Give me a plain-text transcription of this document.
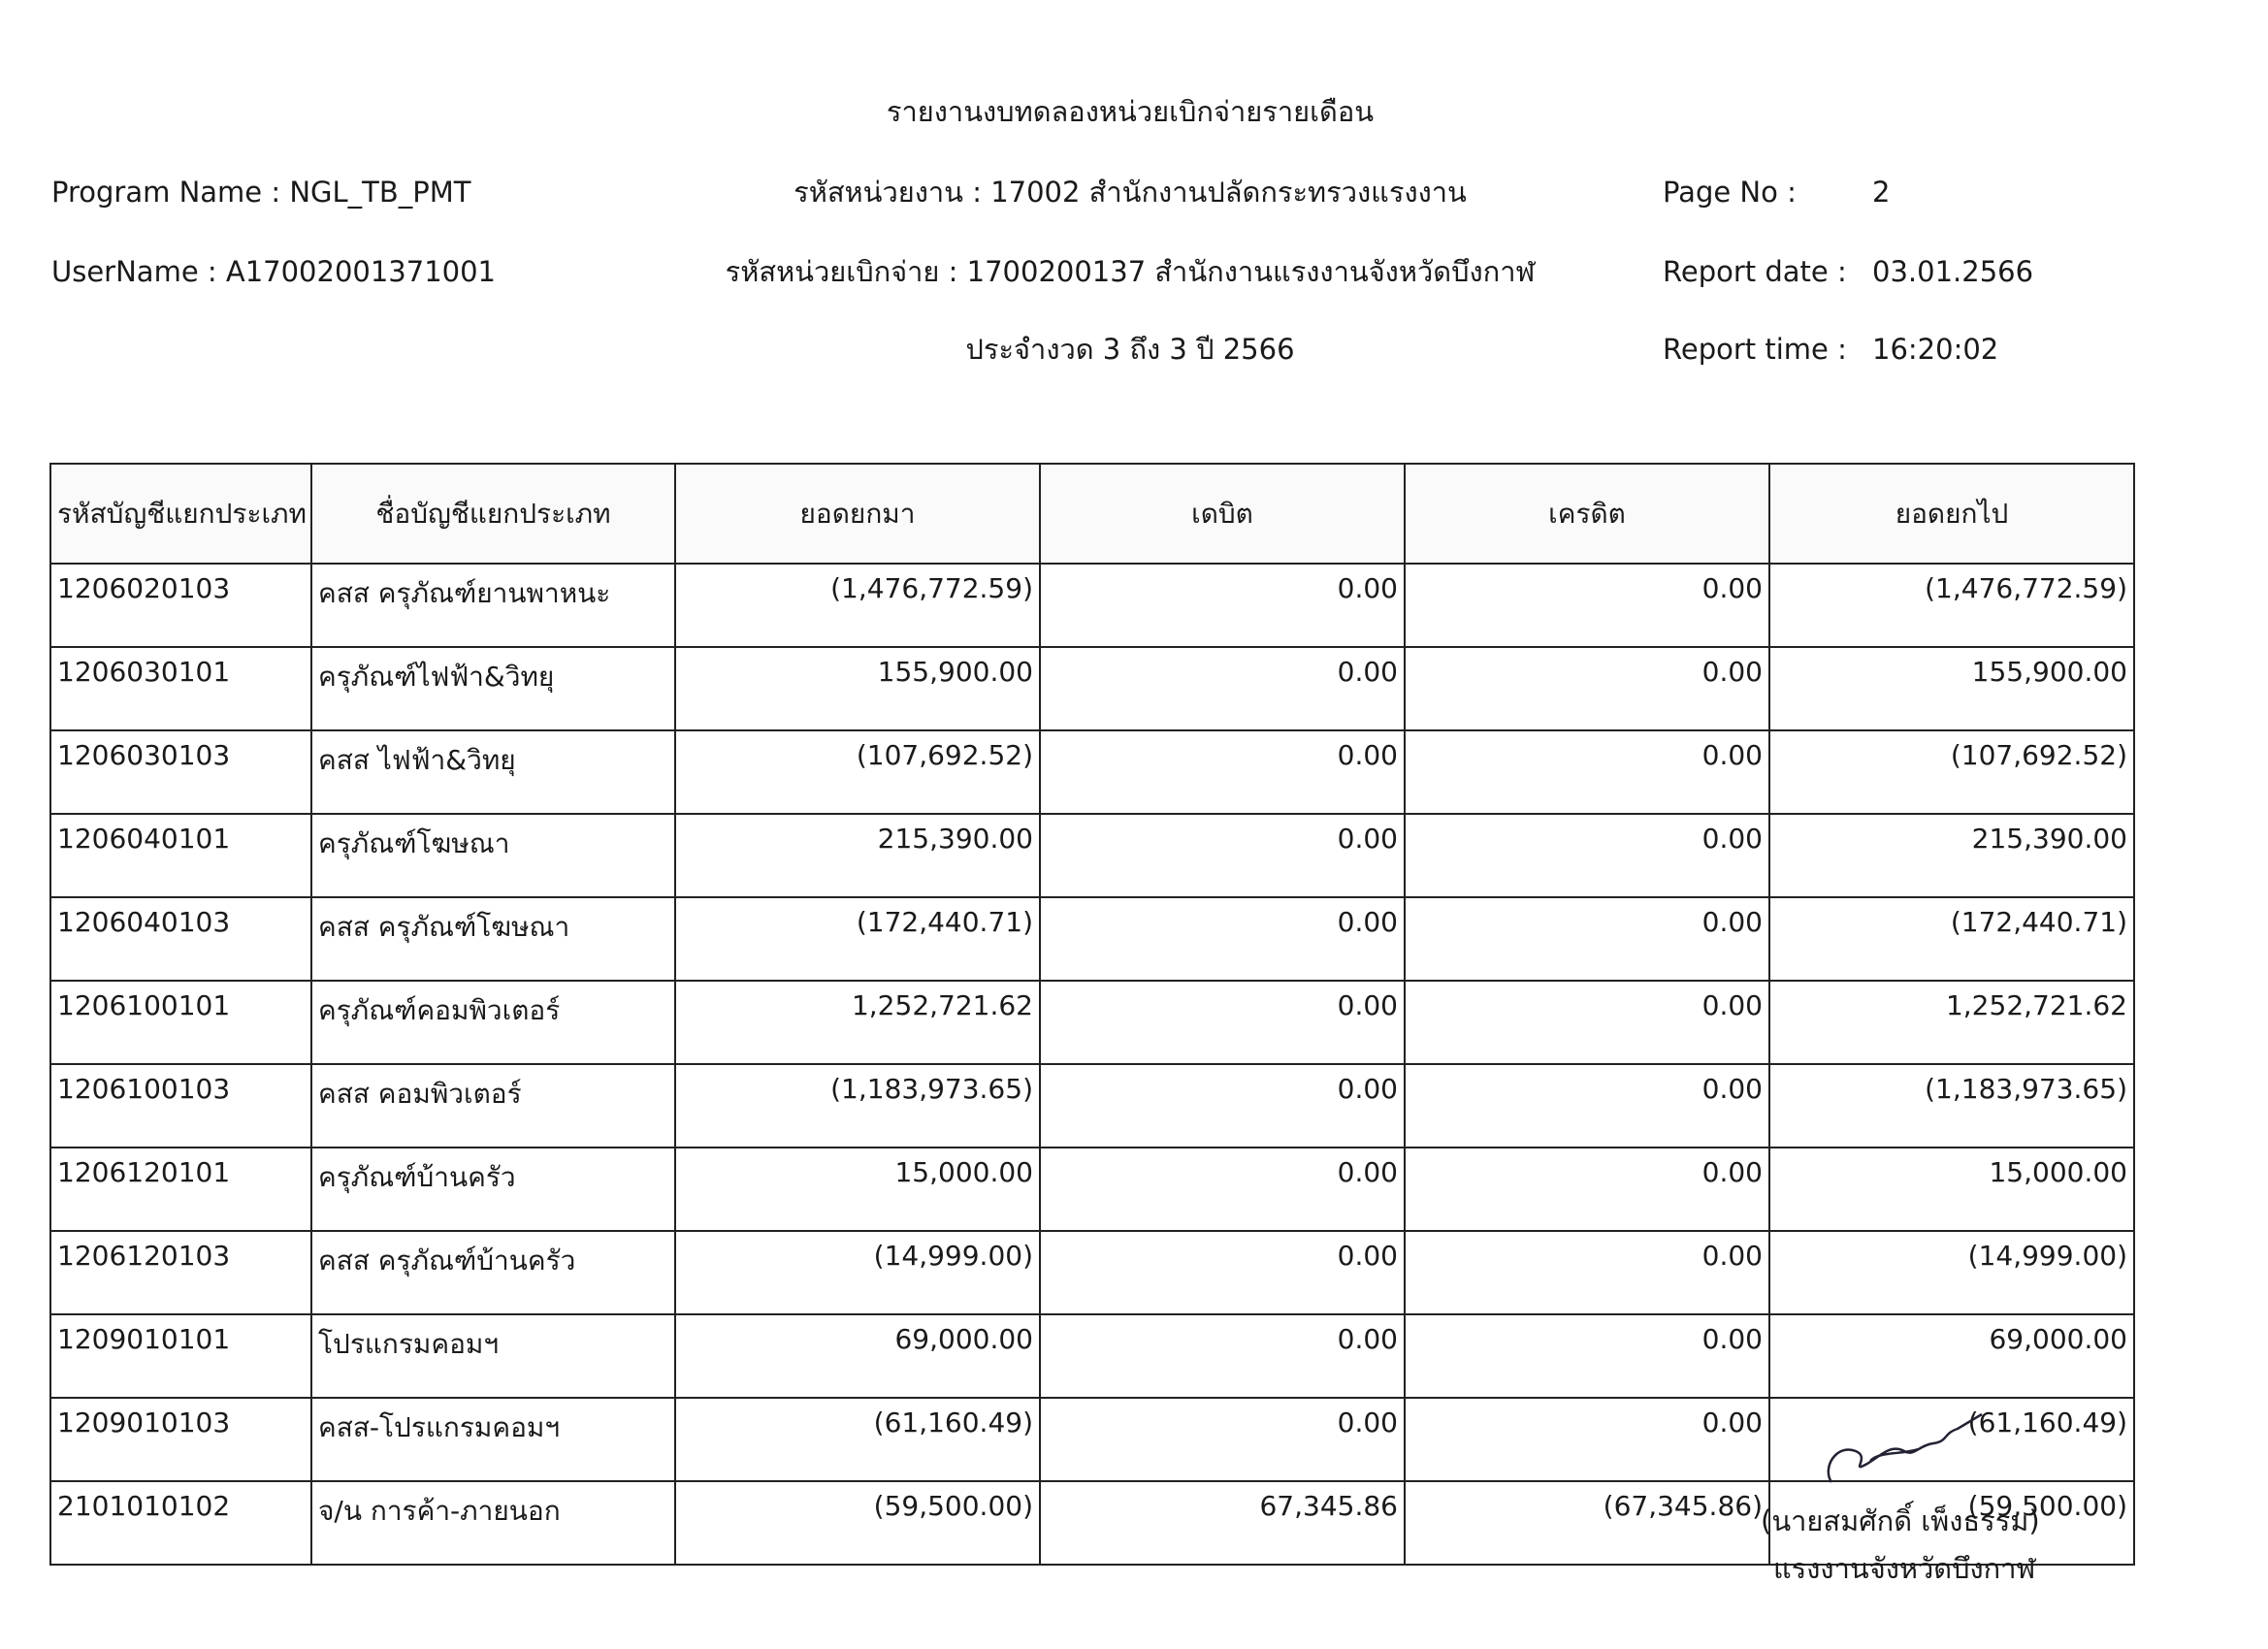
รายงานงบทดลองหน่วยเบิกจ่ายรายเดือน
Program Name : NGL_TB_PMT	รหัสหน่วยงาน : 17002 สำนักงานปลัดกระทรวงแรงงาน	Page No :	2
UserName : A17002001371001	รหัสหน่วยเบิกจ่าย : 1700200137 สำนักงานแรงงานจังหวัดบึงกาฬ	Report date : 03.01.2566
ประจำงวด 3 ถึง 3 ปี 2566	Report time : 16:20:02
รหัสบัญชีแยกประเภท	ชื่อบัญชีแยกประเภท	ยอดยกมา	เดบิต	เครดิต	ยอดยกไป
1206020103	คสส ครุภัณฑ์ยานพาหนะ	(1,476,772.59)	0.00	0.00	(1,476,772.59)
1206030101	ครุภัณฑ์ไฟฟ้า&วิทยุ	155,900.00	0.00	0.00	155,900.00
1206030103	คสส ไฟฟ้า&วิทยุ	(107,692.52)	0.00	0.00	(107,692.52)
1206040101	ครุภัณฑ์โฆษณา	215,390.00	0.00	0.00	215,390.00
1206040103	คสส ครุภัณฑ์โฆษณา	(172,440.71)	0.00	0.00	(172,440.71)
1206100101	ครุภัณฑ์คอมพิวเตอร์	1,252,721.62	0.00	0.00	1,252,721.62
1206100103	คสส คอมพิวเตอร์	(1,183,973.65)	0.00	0.00	(1,183,973.65)
1206120101	ครุภัณฑ์บ้านครัว	15,000.00	0.00	0.00	15,000.00
1206120103	คสส ครุภัณฑ์บ้านครัว	(14,999.00)	0.00	0.00	(14,999.00)
1209010101	โปรแกรมคอมฯ	69,000.00	0.00	0.00	69,000.00
1209010103	คสส-โปรแกรมคอมฯ	(61,160.49)	0.00	0.00	(61,160.49)
2101010102	จ/น การค้า-ภายนอก	(59,500.00)	67,345.86	(67,345.86)	(59,500.00)
(นายสมศักดิ์ เพ็งธรรม)
แรงงานจังหวัดบึงกาฬ
